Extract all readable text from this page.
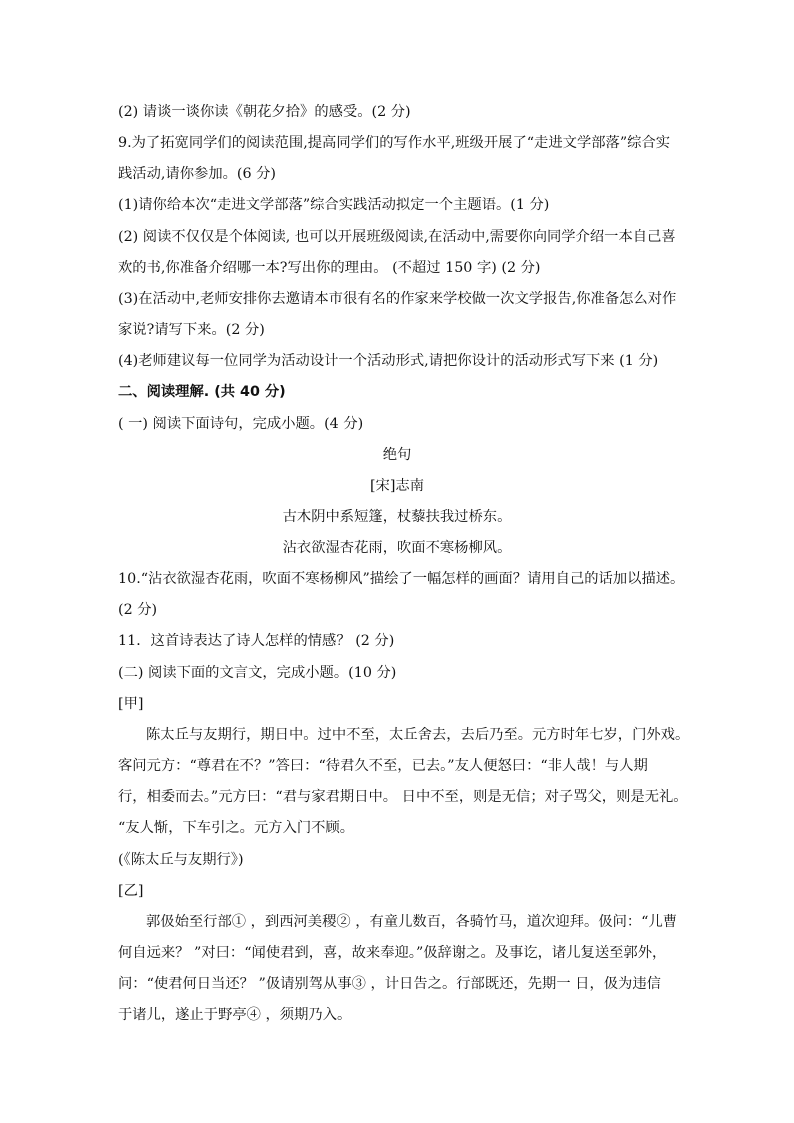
(2) 请谈一谈你读《朝花夕拾》的感受。(2 分)
9.为了拓宽同学们的阅读范围,提高同学们的写作水平,班级开展了“走进文学部落”综合实
践活动,请你参加。(6 分)
(1)请你给本次“走进文学部落”综合实践活动拟定一个主题语。(1 分)
(2) 阅读不仅仅是个体阅读, 也可以开展班级阅读,在活动中,需要你向同学介绍一本自己喜
欢的书,你准备介绍哪一本?写出你的理由。 (不超过 150 字) (2 分)
(3)在活动中,老师安排你去邀请本市很有名的作家来学校做一次文学报告,你准备怎么对作
家说?请写下来。(2 分)
(4)老师建议每一位同学为活动设计一个活动形式,请把你设计的活动形式写下来 (1 分)
二、阅读理解. (共 40 分)
( 一) 阅读下面诗句，完成小题。(4 分)
绝句
[宋]志南
古木阴中系短篷，杖藜扶我过桥东。
沾衣欲湿杏花雨，吹面不寒杨柳风。
10.“沾衣欲湿杏花雨，吹面不寒杨柳风”描绘了一幅怎样的画面？请用自己的话加以描述。
(2 分)
11．这首诗表达了诗人怎样的情感？ (2 分)
(二) 阅读下面的文言文，完成小题。(10 分)
[甲]
陈太丘与友期行，期日中。过中不至，太丘舍去，去后乃至。元方时年七岁，门外戏。
客问元方：“尊君在不？”答曰：“待君久不至，已去。”友人便怒曰：“非人哉！与人期
行，相委而去。”元方曰：“君与家君期日中。 日中不至，则是无信；对子骂父，则是无礼。
“友人惭，下车引之。元方入门不顾。
(《陈太丘与友期行》)
[乙]
郭伋始至行部① ，到西河美稷② ，有童儿数百，各骑竹马，道次迎拜。伋问：“儿曹
何自远来？ ”对曰：“闻使君到，喜，故来奉迎。”伋辞谢之。及事讫，诸儿复送至郭外，
问：“使君何日当还？ ”伋请别驾从事③ ，计日告之。行部既还，先期一 日，伋为违信
于诸儿，遂止于野亭④ ，须期乃入。
